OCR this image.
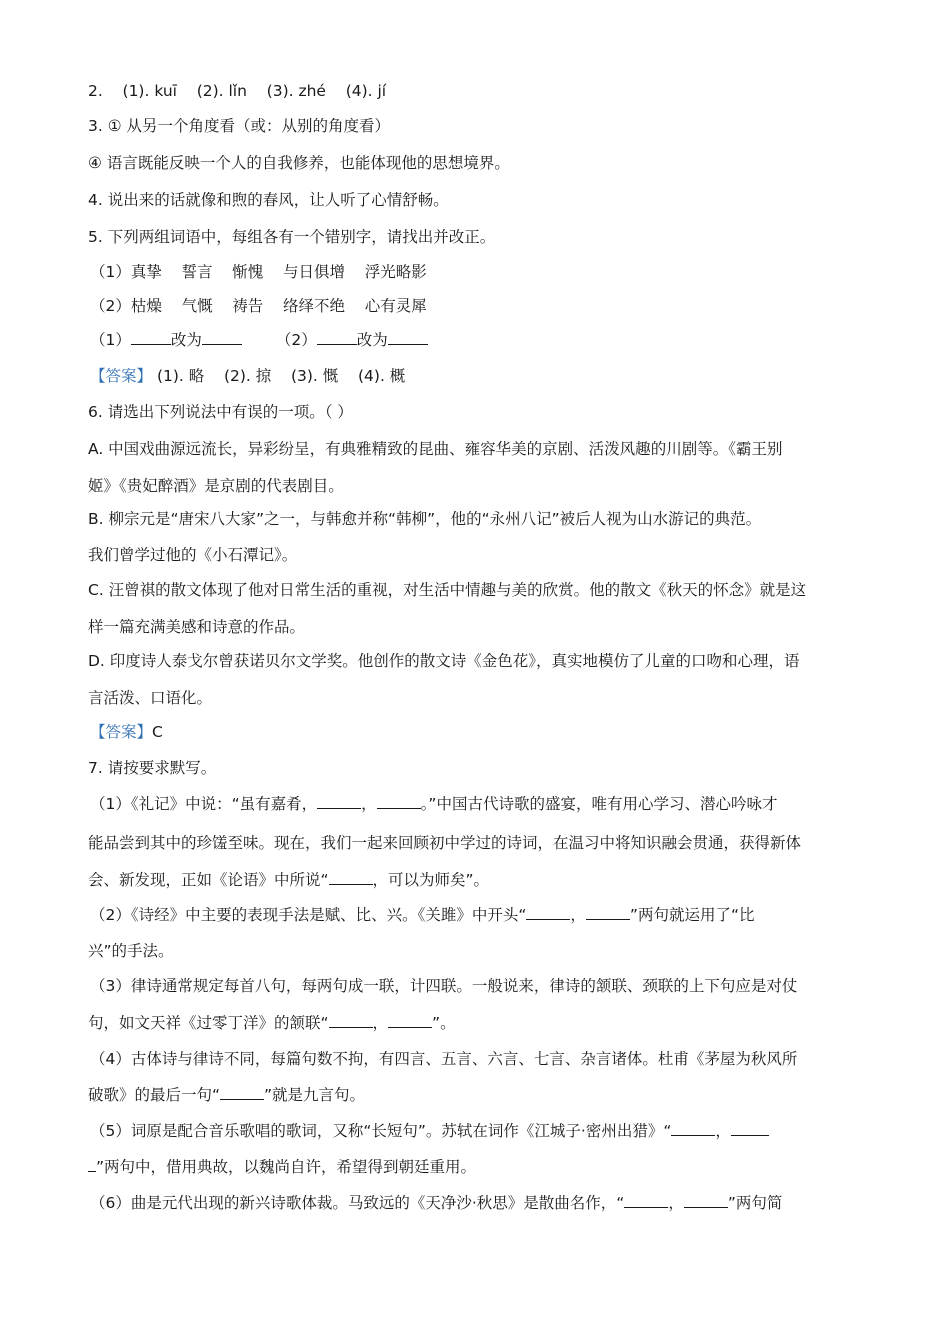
2. (1). kuī (2). lǐn (3). zhé (4). jí
3. ① 从另一个角度看（或：从别的角度看）
④ 语言既能反映一个人的自我修养，也能体现他的思想境界。
4. 说出来的话就像和煦的春风，让人听了心情舒畅。
5. 下列两组词语中，每组各有一个错别字，请找出并改正。
（1）真挚    誓言    惭愧    与日俱增    浮光略影
（2）枯燥    气慨    祷告    络绎不绝    心有灵犀
（1）	改为	（2）	改为
【答案】 (1). 略    (2). 掠    (3). 慨    (4). 概
6. 请选出下列说法中有误的一项。（ ）
A. 中国戏曲源远流长，异彩纷呈，有典雅精致的昆曲、雍容华美的京剧、活泼风趣的川剧等。《霸王别
姬》《贵妃醉酒》是京剧的代表剧目。
B. 柳宗元是“唐宋八大家”之一，与韩愈并称“韩柳”，他的“永州八记”被后人视为山水游记的典范。
我们曾学过他的《小石潭记》。
C. 汪曾祺的散文体现了他对日常生活的重视，对生活中情趣与美的欣赏。他的散文《秋天的怀念》就是这
样一篇充满美感和诗意的作品。
D. 印度诗人泰戈尔曾获诺贝尔文学奖。他创作的散文诗《金色花》，真实地模仿了儿童的口吻和心理，语
言活泼、口语化。
【答案】C
7. 请按要求默写。
（1）《礼记》中说：“虽有嘉肴，	，	。”中国古代诗歌的盛宴，唯有用心学习、潜心吟咏才
能品尝到其中的珍馐至味。现在，我们一起来回顾初中学过的诗词，在温习中将知识融会贯通，获得新体
会、新发现，正如《论语》中所说“	，可以为师矣”。
（2）《诗经》中主要的表现手法是赋、比、兴。《关雎》中开头“	，	”两句就运用了“比
兴”的手法。
（3）律诗通常规定每首八句，每两句成一联，计四联。一般说来，律诗的颔联、颈联的上下句应是对仗
句，如文天祥《过零丁洋》的颔联“	，	”。
（4）古体诗与律诗不同，每篇句数不拘，有四言、五言、六言、七言、杂言诸体。杜甫《茅屋为秋风所
破歌》的最后一句“	”就是九言句。
（5）词原是配合音乐歌唱的歌词，又称“长短句”。苏轼在词作《江城子·密州出猎》“	，
”两句中，借用典故，以魏尚自许，希望得到朝廷重用。
（6）曲是元代出现的新兴诗歌体裁。马致远的《天净沙·秋思》是散曲名作，“	，	”两句简
